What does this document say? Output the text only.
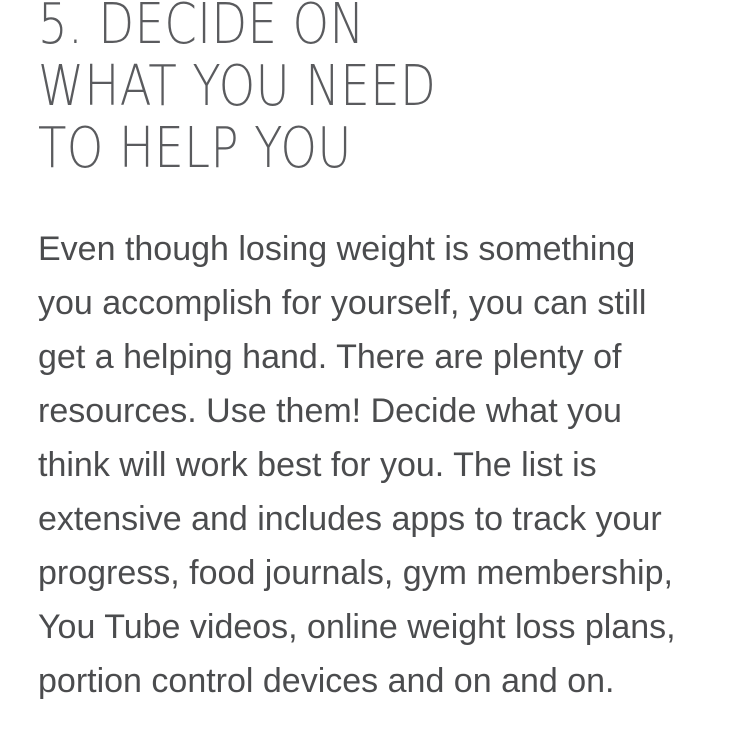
5. DECIDE ON
WHAT YOU NEED
TO HELP YOU
Even though losing weight is something
you accomplish for yourself, you can still
get a helping hand. There are plenty of
resources. Use them! Decide what you
think will work best for you. The list is
extensive and includes apps to track your
progress, food journals, gym membership,
You Tube videos, online weight loss plans,
portion control devices and on and on.
